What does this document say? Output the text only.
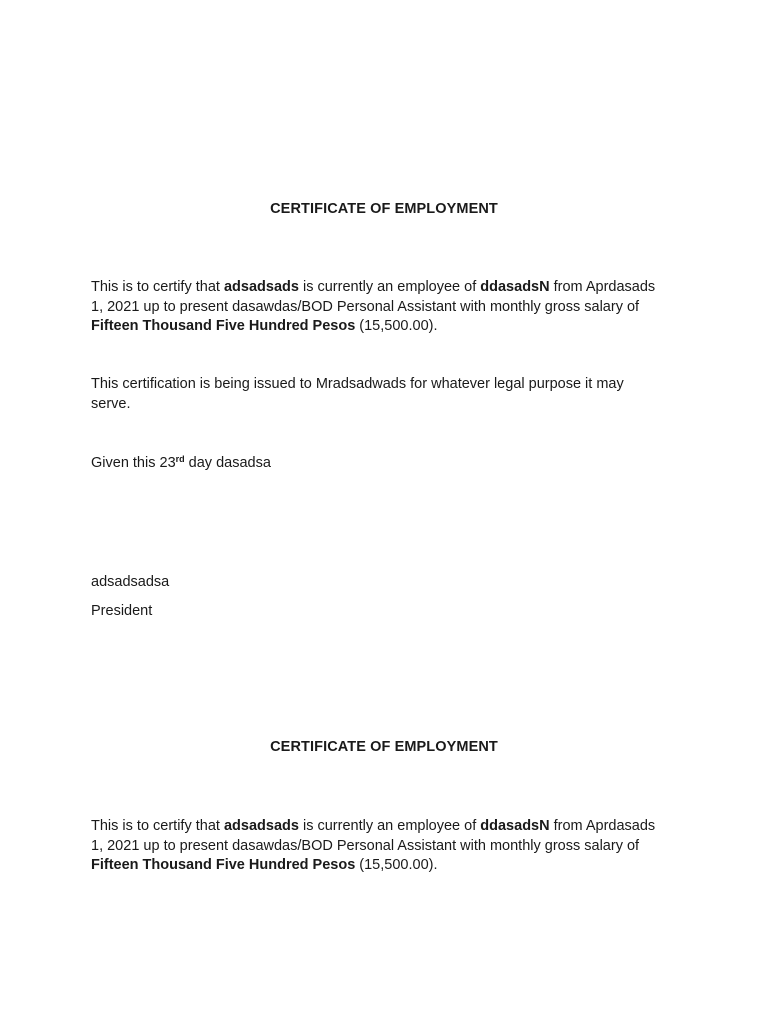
CERTIFICATE OF EMPLOYMENT
This is to certify that adsadsads is currently an employee of ddasadsN from Aprdasads
1, 2021 up to present dasawdas/BOD Personal Assistant with monthly gross salary of
Fifteen Thousand Five Hundred Pesos (15,500.00).
This certification is being issued to Mradsadwads for whatever legal purpose it may
serve.
Given this 23rd day dasadsa
adsadsadsa
President
CERTIFICATE OF EMPLOYMENT
This is to certify that adsadsads is currently an employee of ddasadsN from Aprdasads
1, 2021 up to present dasawdas/BOD Personal Assistant with monthly gross salary of
Fifteen Thousand Five Hundred Pesos (15,500.00).
